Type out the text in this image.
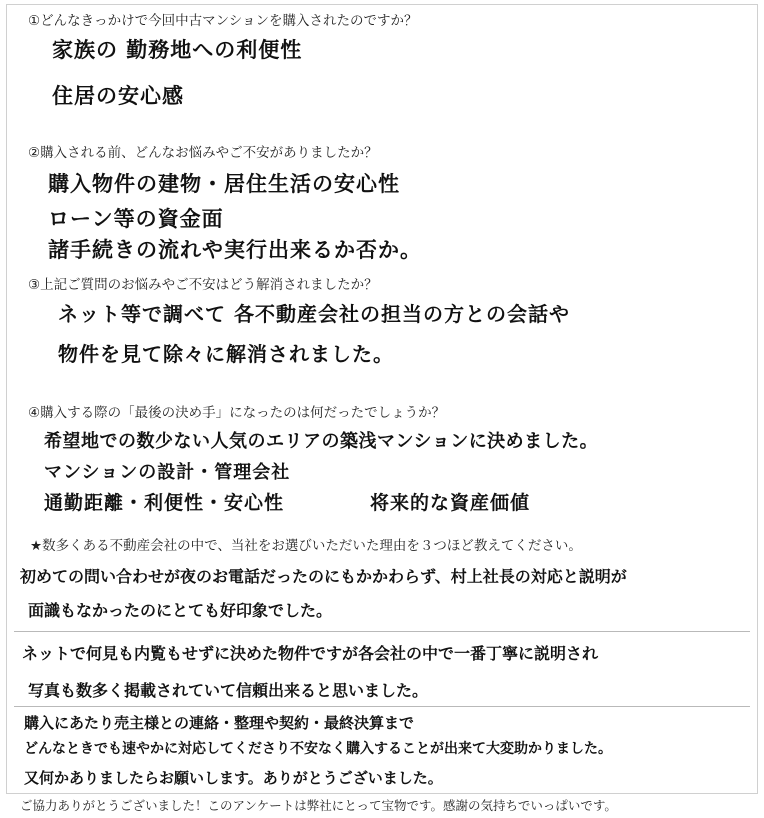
①どんなきっかけで今回中古マンションを購入されたのですか？
家族の 勤務地への利便性
住居の安心感
②購入される前、どんなお悩みやご不安がありましたか？
購入物件の建物・居住生活の安心性
ローン等の資金面
諸手続きの流れや実行出来るか否か。
③上記ご質問のお悩みやご不安はどう解消されましたか？
ネット等で調べて 各不動産会社の担当の方との会話や
物件を見て除々に解消されました。
④購入する際の「最後の決め手」になったのは何だったでしょうか？
希望地での数少ない人気のエリアの築浅マンションに決めました。
マンションの設計・管理会社
通勤距離・利便性・安心性	将来的な資産価値
★数多くある不動産会社の中で、当社をお選びいただいた理由を３つほど教えてください。
初めての問い合わせが夜のお電話だったのにもかかわらず、村上社長の対応と説明が
面識もなかったのにとても好印象でした。
ネットで何見も内覧もせずに決めた物件ですが各会社の中で一番丁寧に説明され
写真も数多く掲載されていて信頼出来ると思いました。
購入にあたり売主様との連絡・整理や契約・最終決算まで
どんなときでも速やかに対応してくださり不安なく購入することが出来て大変助かりました。
又何かありましたらお願いします。ありがとうございました。
ご協力ありがとうございました！このアンケートは弊社にとって宝物です。感謝の気持ちでいっぱいです。
